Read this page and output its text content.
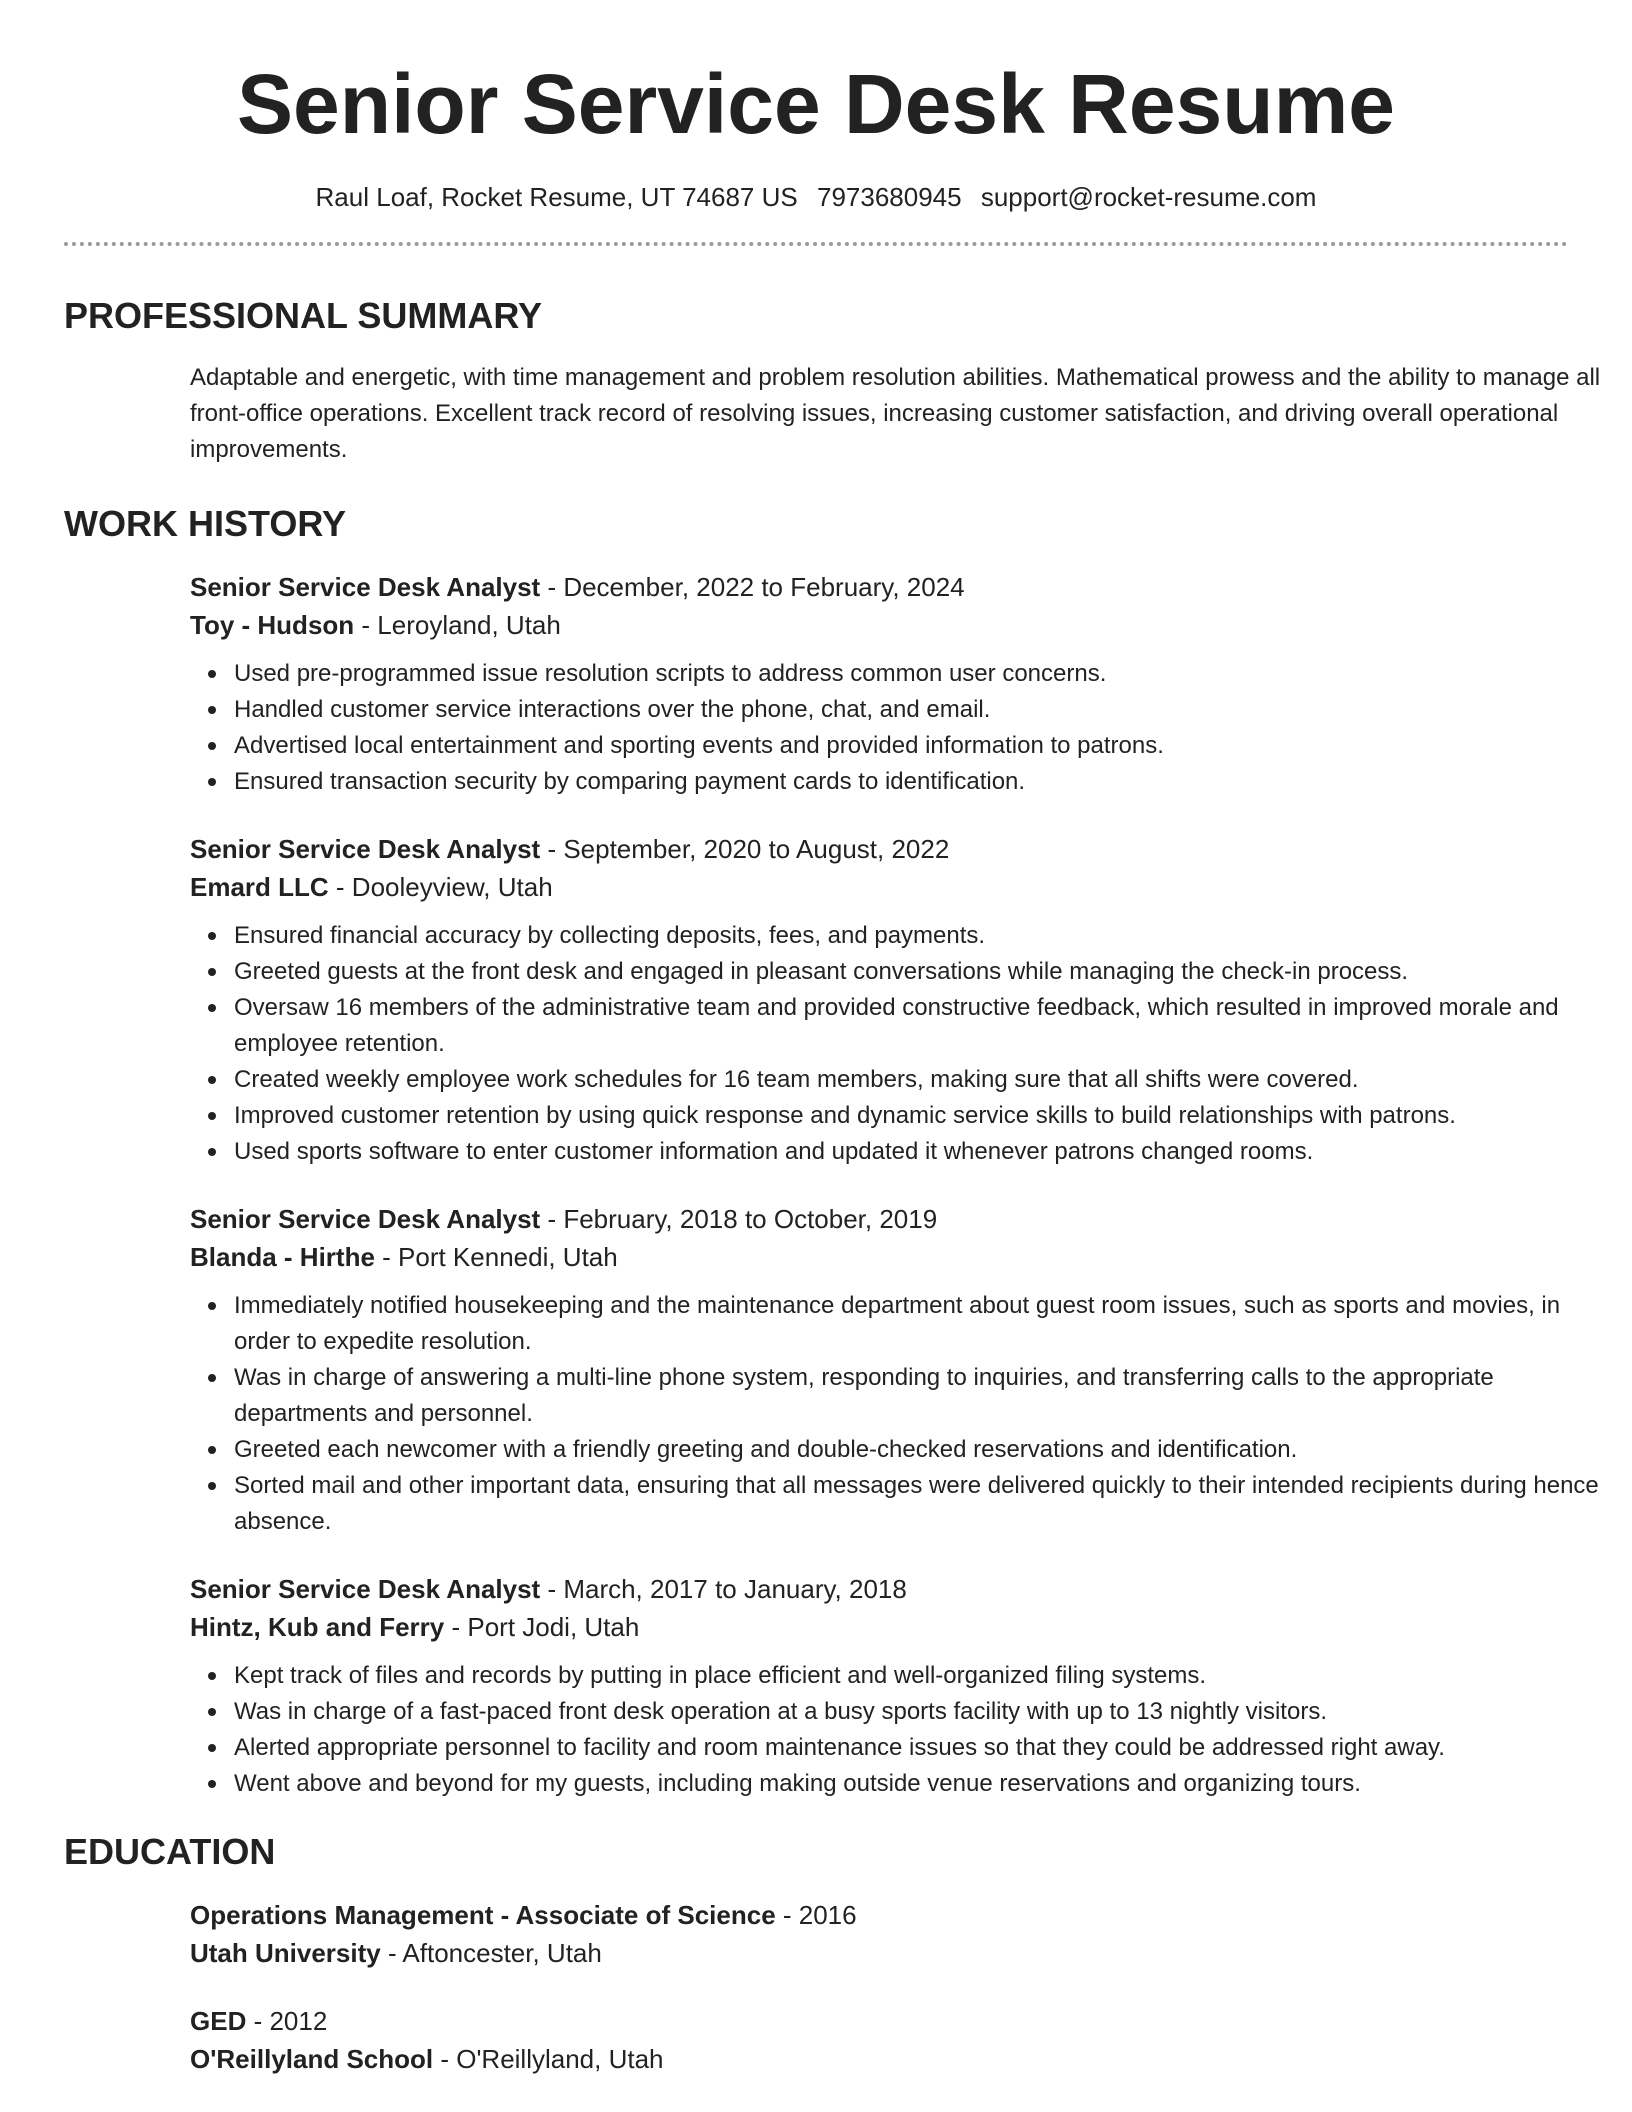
Senior Service Desk Resume
Raul Loaf, Rocket Resume, UT 74687 US 7973680945 support@rocket-resume.com
PROFESSIONAL SUMMARY

Adaptable and energetic, with time management and problem resolution abilities. Mathematical prowess and the ability to manage all front-office operations. Excellent track record of resolving issues, increasing customer satisfaction, and driving overall operational improvements.

WORK HISTORY
Senior Service Desk Analyst - December, 2022 to February, 2024
Toy - Hudson - Leroyland, Utah
Used pre-programmed issue resolution scripts to address common user concerns.
Handled customer service interactions over the phone, chat, and email.
Advertised local entertainment and sporting events and provided information to patrons.
Ensured transaction security by comparing payment cards to identification.
Senior Service Desk Analyst - September, 2020 to August, 2022
Emard LLC - Dooleyview, Utah
Ensured financial accuracy by collecting deposits, fees, and payments.
Greeted guests at the front desk and engaged in pleasant conversations while managing the check-in process.
Oversaw 16 members of the administrative team and provided constructive feedback, which resulted in improved morale and employee retention.
Created weekly employee work schedules for 16 team members, making sure that all shifts were covered.
Improved customer retention by using quick response and dynamic service skills to build relationships with patrons.
Used sports software to enter customer information and updated it whenever patrons changed rooms.
Senior Service Desk Analyst - February, 2018 to October, 2019
Blanda - Hirthe - Port Kennedi, Utah
Immediately notified housekeeping and the maintenance department about guest room issues, such as sports and movies, in order to expedite resolution.
Was in charge of answering a multi-line phone system, responding to inquiries, and transferring calls to the appropriate departments and personnel.
Greeted each newcomer with a friendly greeting and double-checked reservations and identification.
Sorted mail and other important data, ensuring that all messages were delivered quickly to their intended recipients during hence absence.
Senior Service Desk Analyst - March, 2017 to January, 2018
Hintz, Kub and Ferry - Port Jodi, Utah
Kept track of files and records by putting in place efficient and well-organized filing systems.
Was in charge of a fast-paced front desk operation at a busy sports facility with up to 13 nightly visitors.
Alerted appropriate personnel to facility and room maintenance issues so that they could be addressed right away.
Went above and beyond for my guests, including making outside venue reservations and organizing tours.
EDUCATION
Operations Management - Associate of Science - 2016
Utah University - Aftoncester, Utah
GED - 2012
O'Reillyland School - O'Reillyland, Utah
